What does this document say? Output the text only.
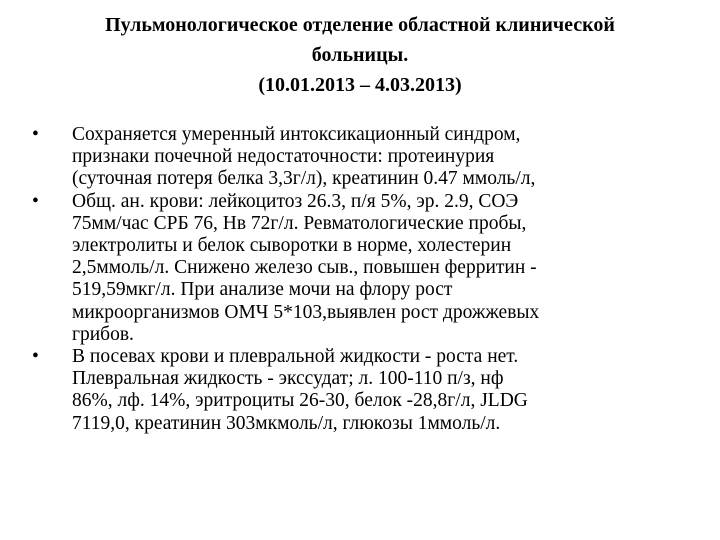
Пульмонологическое отделение областной клинической
больницы.
(10.01.2013 – 4.03.2013)
•	Сохраняется умеренный интоксикационный синдром,
признаки почечной недостаточности: протеинурия
(суточная потеря белка 3,3г/л), креатинин 0.47 ммоль/л,
•	Общ. ан. крови: лейкоцитоз 26.3, п/я 5%, эр. 2.9, СОЭ
75мм/час СРБ 76, Нв 72г/л. Ревматологические пробы,
электролиты и белок сыворотки в норме, холестерин
2,5ммоль/л. Снижено железо сыв., повышен ферритин -
519,59мкг/л. При анализе мочи на флору рост
микроорганизмов ОМЧ 5*103,выявлен рост дрожжевых
грибов.
•	В посевах крови и плевральной жидкости - роста нет.
Плевральная жидкость - экссудат; л. 100-110 п/з, нф
86%, лф. 14%, эритроциты 26-30, белок -28,8г/л, JLDG
7119,0, креатинин 303мкмоль/л, глюкозы 1ммоль/л.
